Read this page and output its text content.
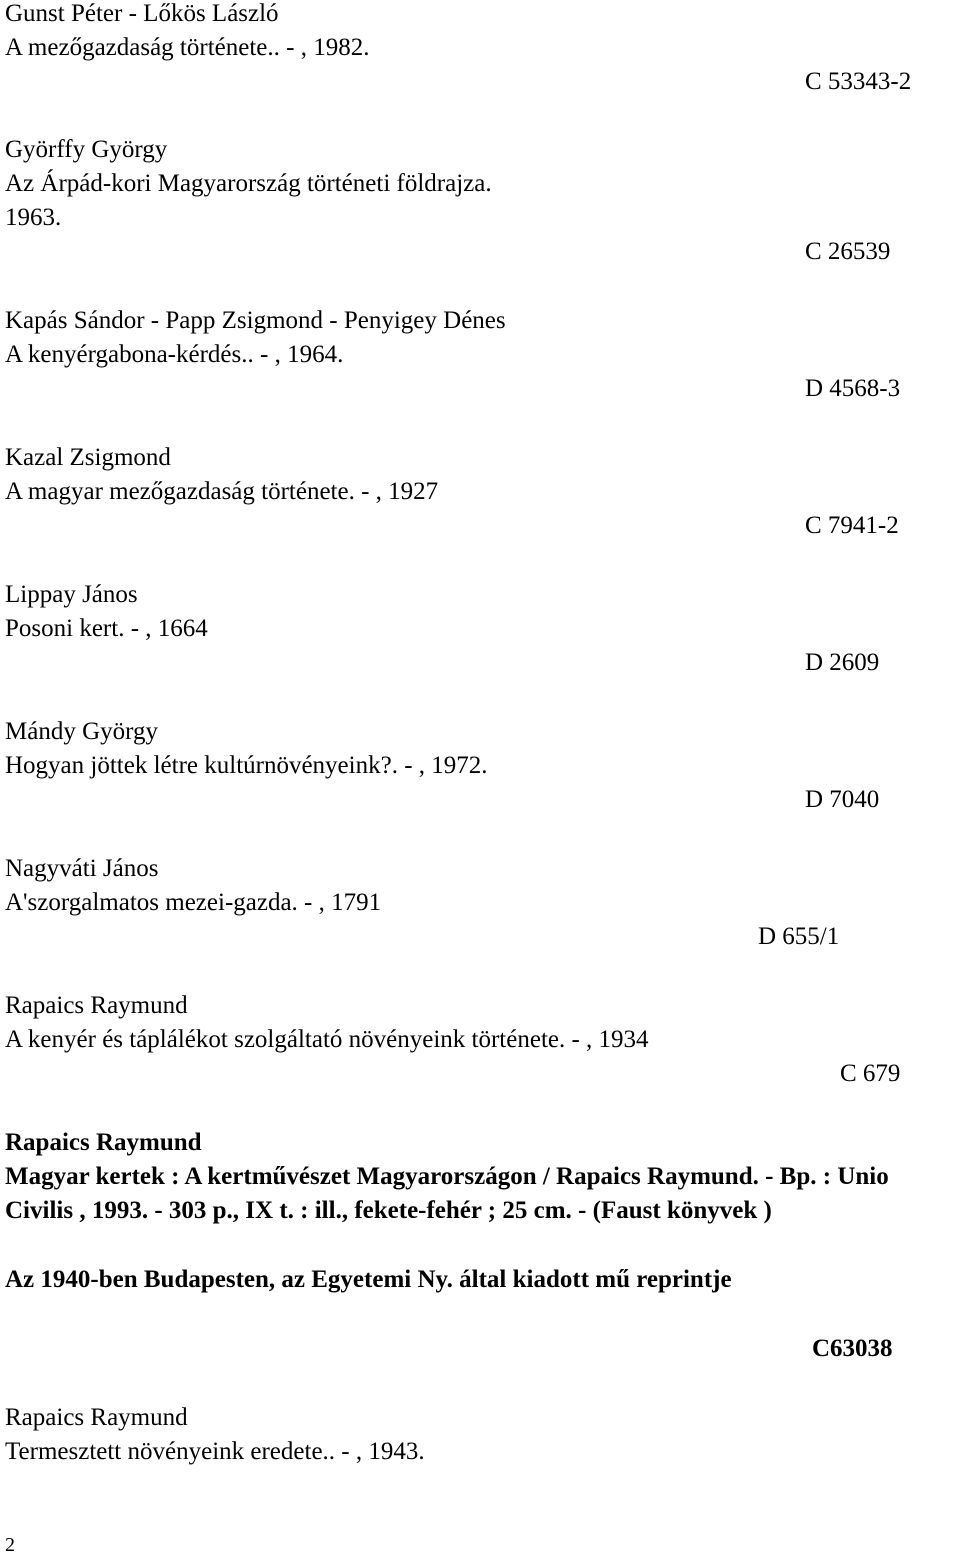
Gunst Péter - Lőkös László
A mezőgazdaság története.. - , 1982.
C 53343-2
Györffy György
Az Árpád-kori Magyarország történeti földrajza.
1963.
C 26539
Kapás Sándor - Papp Zsigmond - Penyigey Dénes
A kenyérgabona-kérdés.. - , 1964.
D 4568-3
Kazal Zsigmond
A magyar mezőgazdaság története. - , 1927
C 7941-2
Lippay János
Posoni kert. - , 1664
D 2609
Mándy György
Hogyan jöttek létre kultúrnövényeink?. - , 1972.
D 7040
Nagyváti János
A'szorgalmatos mezei-gazda. - , 1791
D 655/1
Rapaics Raymund
A kenyér és táplálékot szolgáltató növényeink története. - , 1934
C 679
Rapaics Raymund
Magyar kertek : A kertművészet Magyarországon / Rapaics Raymund. - Bp. : Unio Civilis , 1993. - 303 p., IX t. : ill., fekete-fehér ; 25 cm. - (Faust könyvek )
Az 1940-ben Budapesten, az Egyetemi Ny. által kiadott mű reprintje
C63038
Rapaics Raymund
Termesztett növényeink eredete.. - , 1943.
2
